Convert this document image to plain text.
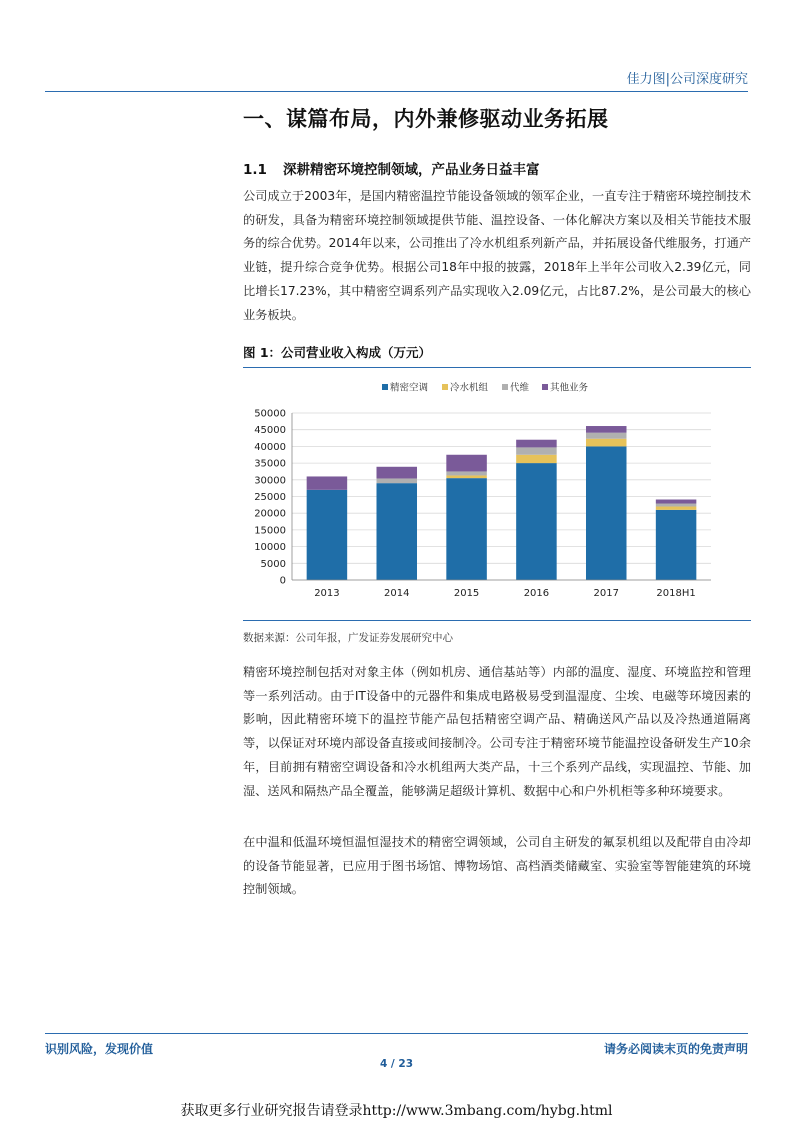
佳力图|公司深度研究
一、谋篇布局，内外兼修驱动业务拓展
1.1 深耕精密环境控制领域，产品业务日益丰富
公司成立于2003年，是国内精密温控节能设备领域的领军企业，一直专注于精密环境控制技术的研发，具备为精密环境控制领域提供节能、温控设备、一体化解决方案以及相关节能技术服务的综合优势。2014年以来，公司推出了冷水机组系列新产品，并拓展设备代维服务，打通产业链，提升综合竞争优势。根据公司18年中报的披露，2018年上半年公司收入2.39亿元，同比增长17.23%，其中精密空调系列产品实现收入2.09亿元，占比87.2%，是公司最大的核心业务板块。
图 1：公司营业收入构成（万元）
精密空调 冷水机组 代维 其他业务
0
5000
10000
15000
20000
25000
30000
35000
40000
45000
50000
2013	2014	2015	2016	2017	2018H1
数据来源：公司年报，广发证券发展研究中心
精密环境控制包括对对象主体（例如机房、通信基站等）内部的温度、湿度、环境监控和管理等一系列活动。由于IT设备中的元器件和集成电路极易受到温湿度、尘埃、电磁等环境因素的影响，因此精密环境下的温控节能产品包括精密空调产品、精确送风产品以及冷热通道隔离等，以保证对环境内部设备直接或间接制冷。公司专注于精密环境节能温控设备研发生产10余年，目前拥有精密空调设备和冷水机组两大类产品，十三个系列产品线，实现温控、节能、加湿、送风和隔热产品全覆盖，能够满足超级计算机、数据中心和户外机柜等多种环境要求。
在中温和低温环境恒温恒湿技术的精密空调领域，公司自主研发的氟泵机组以及配带自由冷却的设备节能显著，已应用于图书场馆、博物场馆、高档酒类储藏室、实验室等智能建筑的环境控制领域。
识别风险，发现价值	请务必阅读末页的免责声明
4 / 23
获取更多行业研究报告请登录http://www.3mbang.com/hybg.html
